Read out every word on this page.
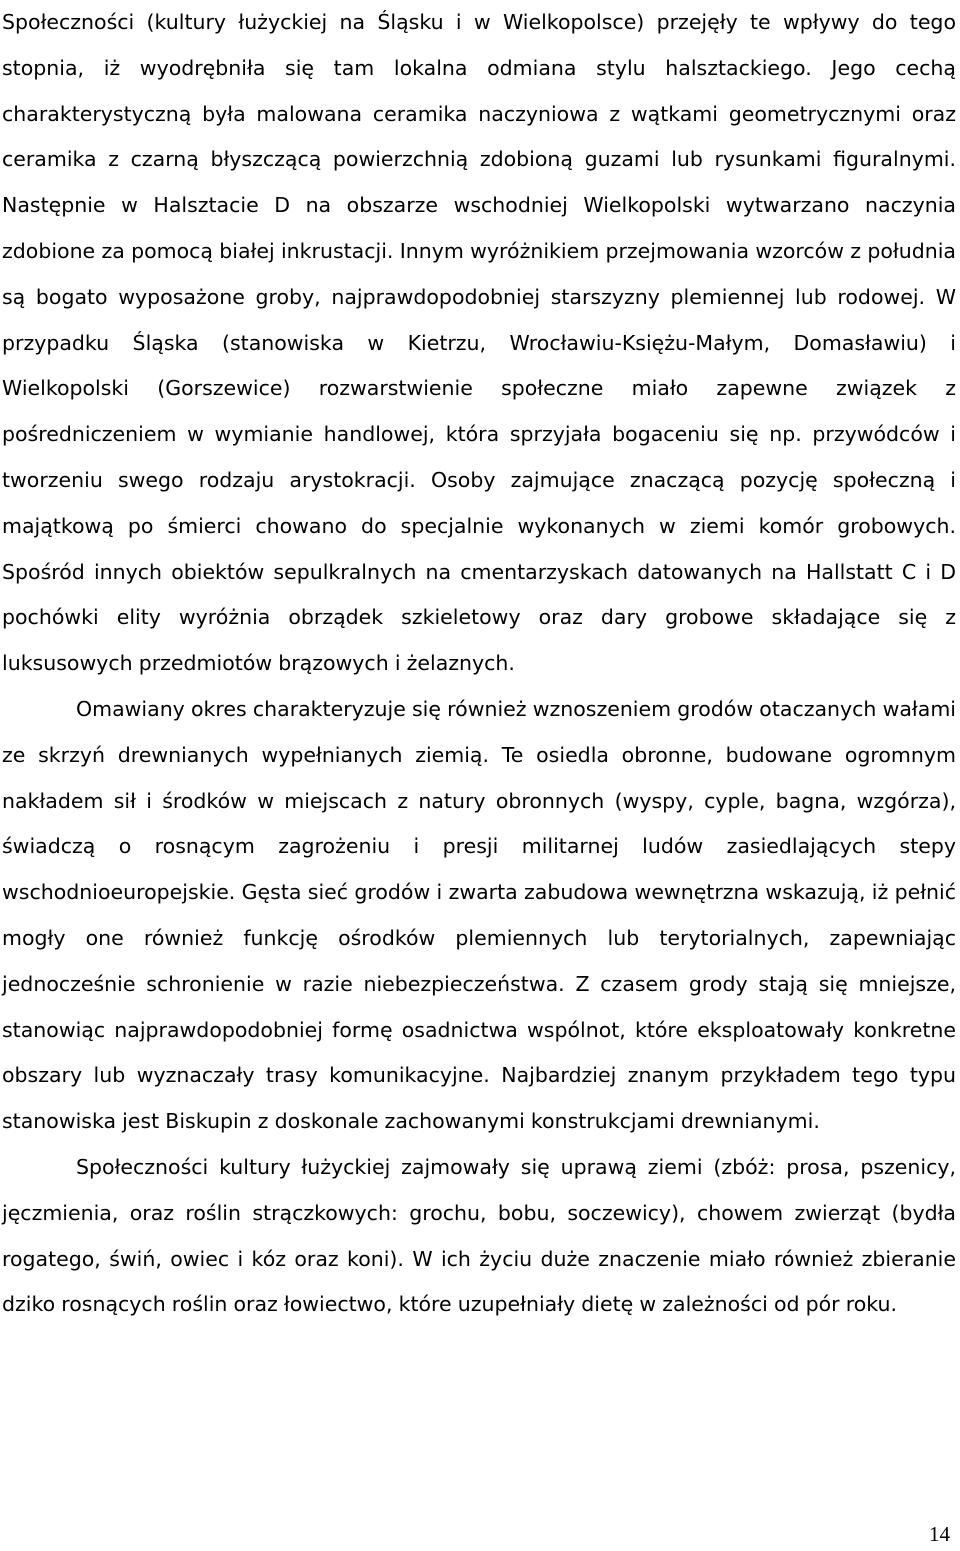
Społeczności (kultury łużyckiej na Śląsku i w Wielkopolsce) przejęły te wpływy do tego stopnia, iż wyodrębniła się tam lokalna odmiana stylu halsztackiego. Jego cechą charakterystyczną była malowana ceramika naczyniowa z wątkami geometrycznymi oraz ceramika z czarną błyszczącą powierzchnią zdobioną guzami lub rysunkami figuralnymi. Następnie w Halsztacie D na obszarze wschodniej Wielkopolski wytwarzano naczynia zdobione za pomocą białej inkrustacji. Innym wyróżnikiem przejmowania wzorców z południa są bogato wyposażone groby, najprawdopodobniej starszyzny plemiennej lub rodowej. W przypadku Śląska (stanowiska w Kietrzu, Wrocławiu-Księżu-Małym, Domasławiu) i Wielkopolski (Gorszewice) rozwarstwienie społeczne miało zapewne związek z pośredniczeniem w wymianie handlowej, która sprzyjała bogaceniu się np. przywódców i tworzeniu swego rodzaju arystokracji. Osoby zajmujące znaczącą pozycję społeczną i majątkową po śmierci chowano do specjalnie wykonanych w ziemi komór grobowych. Spośród innych obiektów sepulkralnych na cmentarzyskach datowanych na Hallstatt C i D pochówki elity wyróżnia obrządek szkieletowy oraz dary grobowe składające się z luksusowych przedmiotów brązowych i żelaznych.

Omawiany okres charakteryzuje się również wznoszeniem grodów otaczanych wałami ze skrzyń drewnianych wypełnianych ziemią. Te osiedla obronne, budowane ogromnym nakładem sił i środków w miejscach z natury obronnych (wyspy, cyple, bagna, wzgórza), świadczą o rosnącym zagrożeniu i presji militarnej ludów zasiedlających stepy wschodnioeuropejskie. Gęsta sieć grodów i zwarta zabudowa wewnętrzna wskazują, iż pełnić mogły one również funkcję ośrodków plemiennych lub terytorialnych, zapewniając jednocześnie schronienie w razie niebezpieczeństwa. Z czasem grody stają się mniejsze, stanowiąc najprawdopodobniej formę osadnictwa wspólnot, które eksploatowały konkretne obszary lub wyznaczały trasy komunikacyjne. Najbardziej znanym przykładem tego typu stanowiska jest Biskupin z doskonale zachowanymi konstrukcjami drewnianymi.

Społeczności kultury łużyckiej zajmowały się uprawą ziemi (zbóż: prosa, pszenicy, jęczmienia, oraz roślin strączkowych: grochu, bobu, soczewicy), chowem zwierząt (bydła rogatego, świń, owiec i kóz oraz koni). W ich życiu duże znaczenie miało również zbieranie dziko rosnących roślin oraz łowiectwo, które uzupełniały dietę w zależności od pór roku.

14
